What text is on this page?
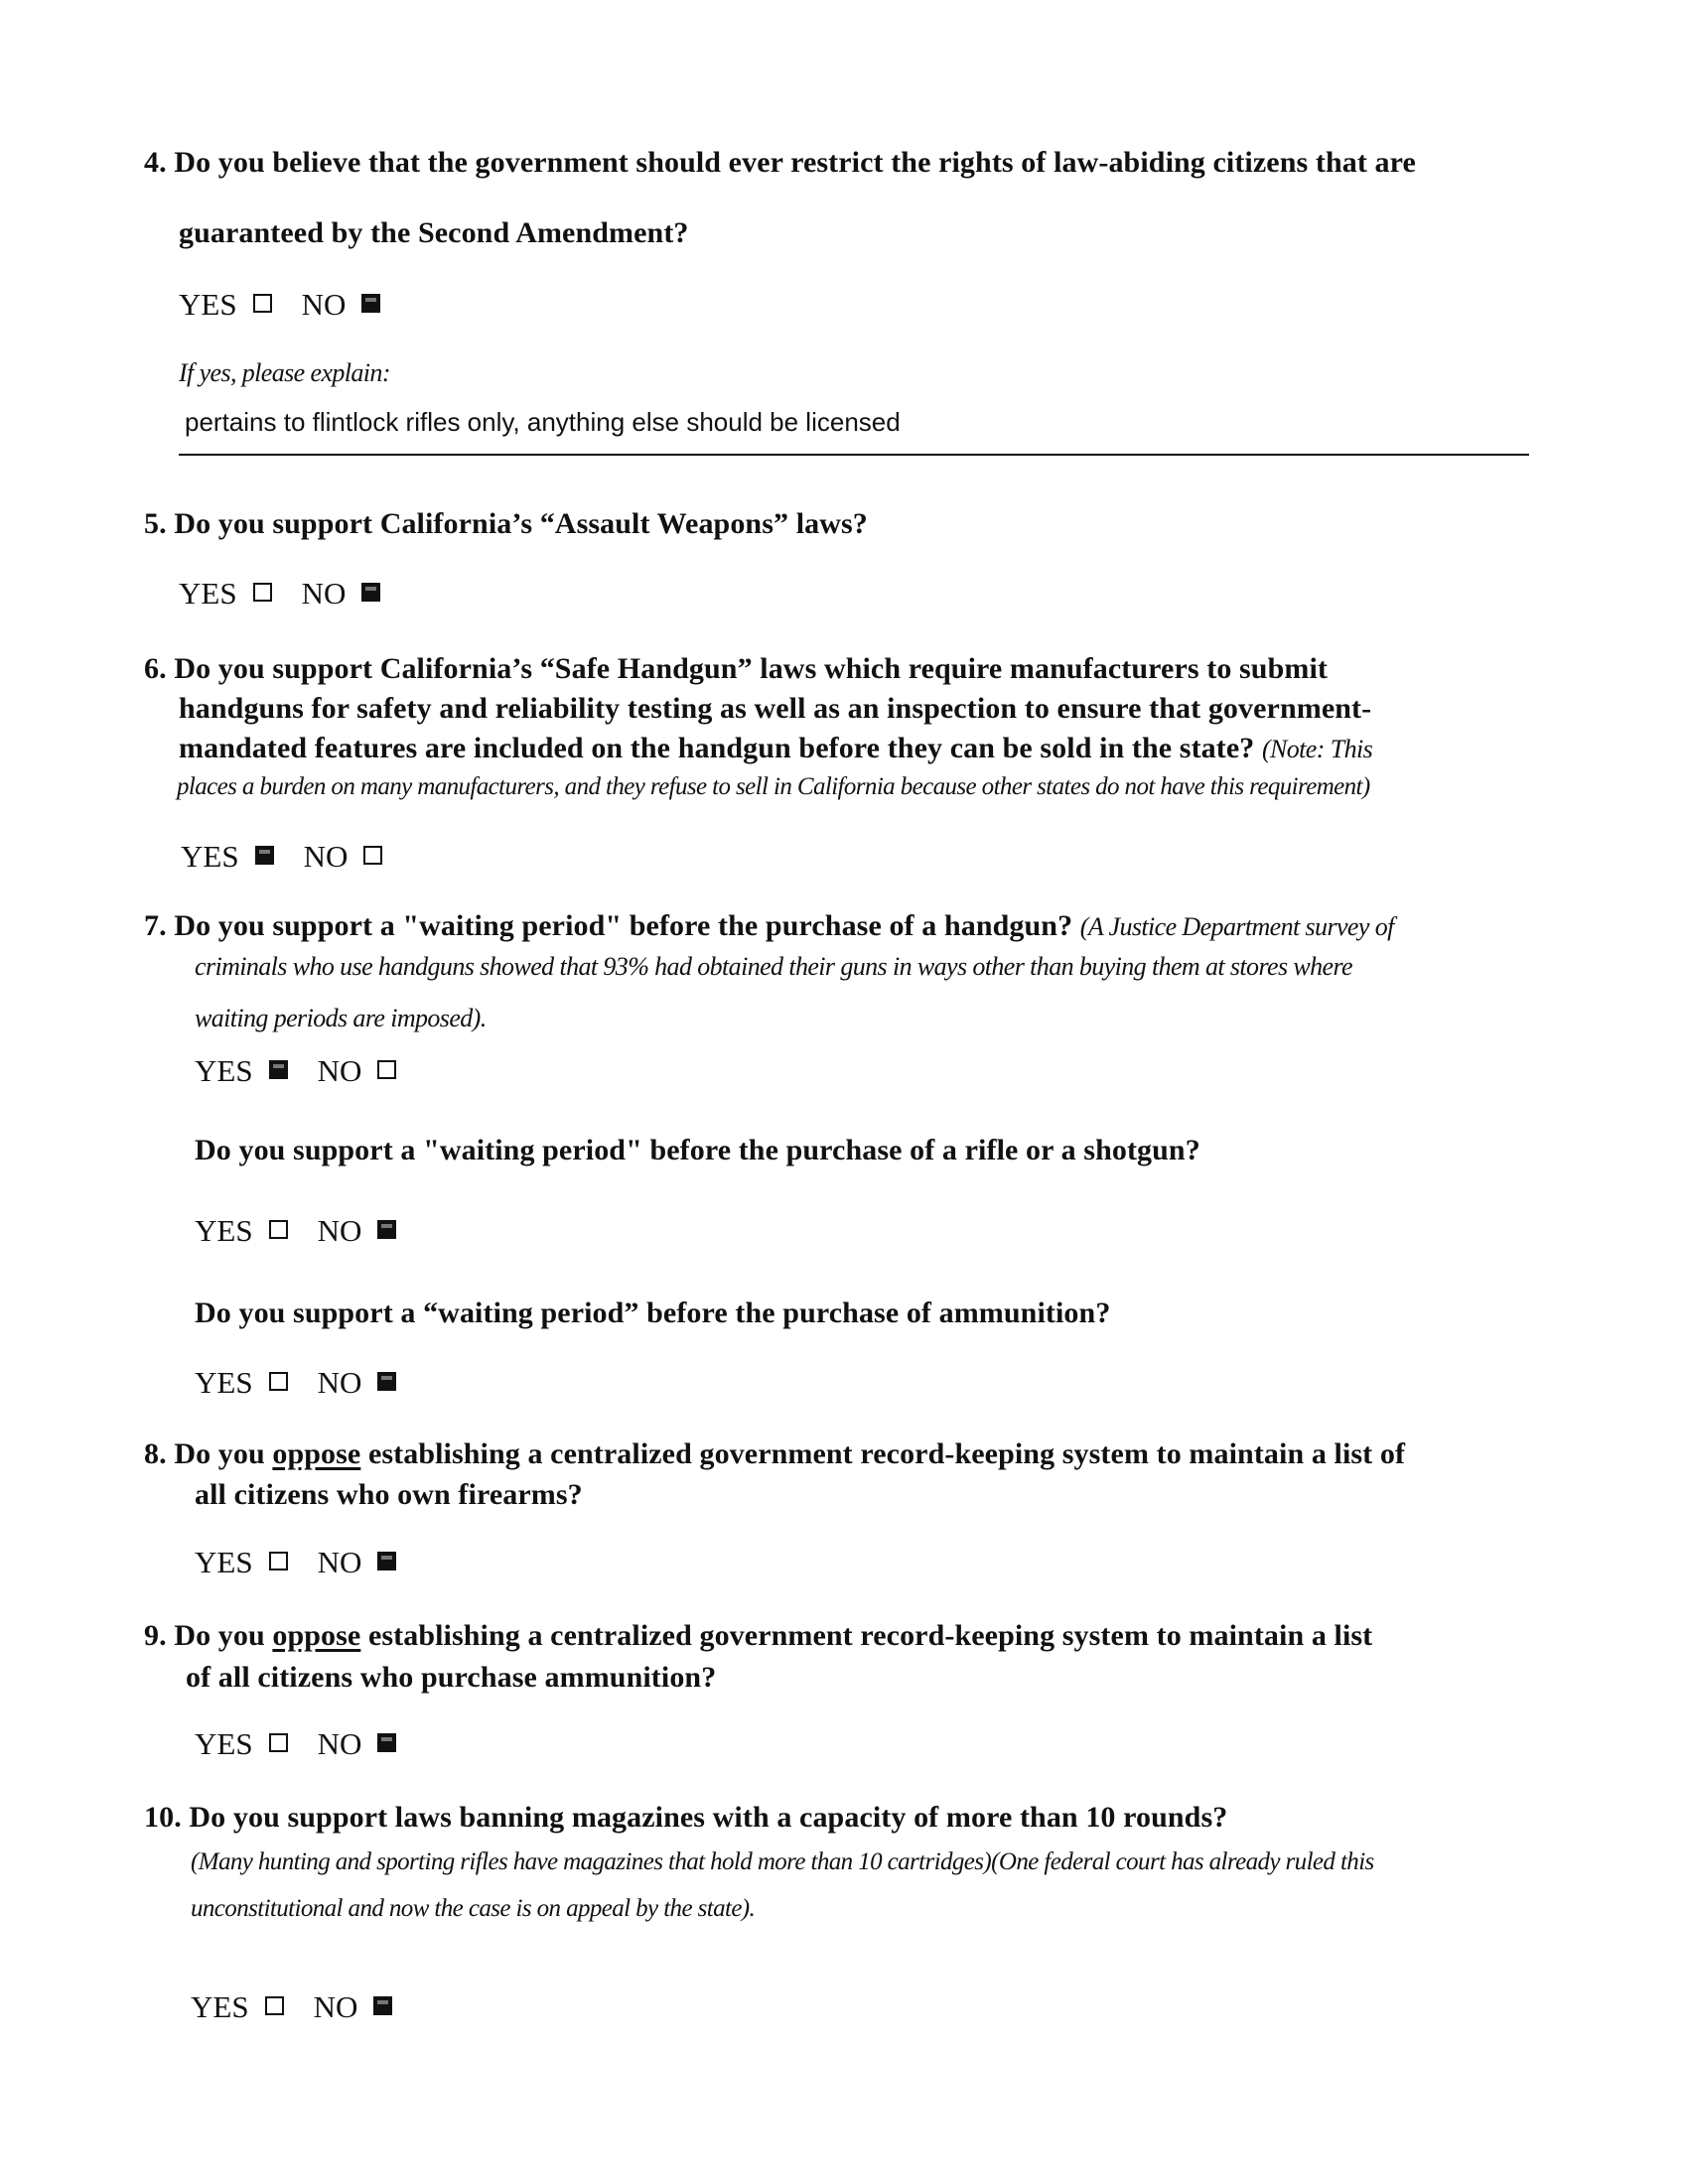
4. Do you believe that the government should ever restrict the rights of law-abiding citizens that are
guaranteed by the Second Amendment?
YES NO
If yes, please explain:
pertains to flintlock rifles only, anything else should be licensed
5. Do you support California’s “Assault Weapons” laws?
YES NO
6. Do you support California’s “Safe Handgun” laws which require manufacturers to submit
handguns for safety and reliability testing as well as an inspection to ensure that government-
mandated features are included on the handgun before they can be sold in the state? (Note: This
places a burden on many manufacturers, and they refuse to sell in California because other states do not have this requirement)
YES NO
7. Do you support a "waiting period" before the purchase of a handgun? (A Justice Department survey of
criminals who use handguns showed that 93% had obtained their guns in ways other than buying them at stores where
waiting periods are imposed).
YES NO
Do you support a "waiting period" before the purchase of a rifle or a shotgun?
YES NO
Do you support a “waiting period” before the purchase of ammunition?
YES NO
8. Do you oppose establishing a centralized government record-keeping system to maintain a list of
all citizens who own firearms?
YES NO
9. Do you oppose establishing a centralized government record-keeping system to maintain a list
of all citizens who purchase ammunition?
YES NO
10. Do you support laws banning magazines with a capacity of more than 10 rounds?
(Many hunting and sporting rifles have magazines that hold more than 10 cartridges)(One federal court has already ruled this
unconstitutional and now the case is on appeal by the state).
YES NO
